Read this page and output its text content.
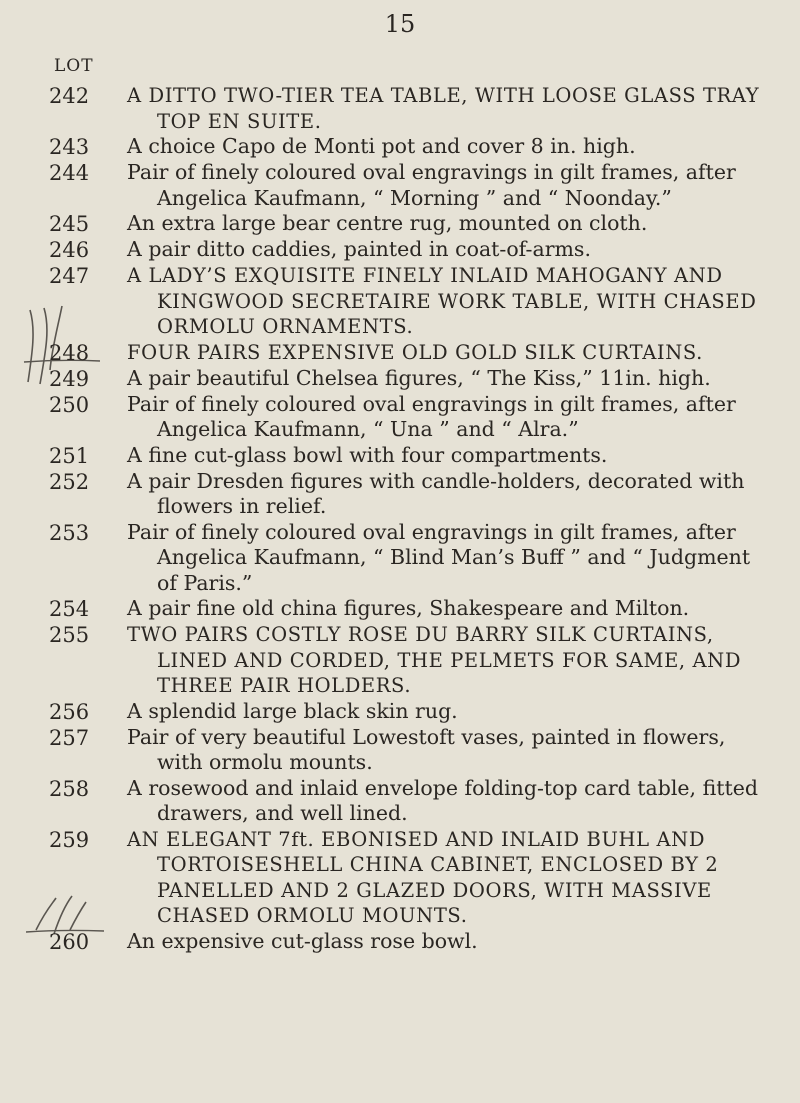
15
LOT
242	A DITTO TWO-TIER TEA TABLE, WITH LOOSE GLASS TRAY TOP EN SUITE.
243	A choice Capo de Monti pot and cover 8 in. high.
244	Pair of finely coloured oval engravings in gilt frames, after Angelica Kaufmann, “ Morning ” and “ Noonday.”
245	An extra large bear centre rug, mounted on cloth.
246	A pair ditto caddies, painted in coat-of-arms.
247	A LADY’S EXQUISITE FINELY INLAID MAHOGANY AND KINGWOOD SECRETAIRE WORK TABLE, WITH CHASED ORMOLU ORNAMENTS.
248	FOUR PAIRS EXPENSIVE OLD GOLD SILK CURTAINS.
249	A pair beautiful Chelsea figures, “ The Kiss,” 11in. high.
250	Pair of finely coloured oval engravings in gilt frames, after Angelica Kaufmann, “ Una ” and “ Alra.”
251	A fine cut-glass bowl with four compartments.
252	A pair Dresden figures with candle-holders, decorated with flowers in relief.
253	Pair of finely coloured oval engravings in gilt frames, after Angelica Kaufmann, “ Blind Man’s Buff ” and “ Judgment of Paris.”
254	A pair fine old china figures, Shakespeare and Milton.
255	TWO PAIRS COSTLY ROSE DU BARRY SILK CURTAINS, LINED AND CORDED, THE PELMETS FOR SAME, AND THREE PAIR HOLDERS.
256	A splendid large black skin rug.
257	Pair of very beautiful Lowestoft vases, painted in flowers, with ormolu mounts.
258	A rosewood and inlaid envelope folding-top card table, fitted drawers, and well lined.
259	AN ELEGANT 7ft. EBONISED AND INLAID BUHL AND TORTOISESHELL CHINA CABINET, ENCLOSED BY 2 PANELLED AND 2 GLAZED DOORS, WITH MASSIVE CHASED ORMOLU MOUNTS.
260	An expensive cut-glass rose bowl.
